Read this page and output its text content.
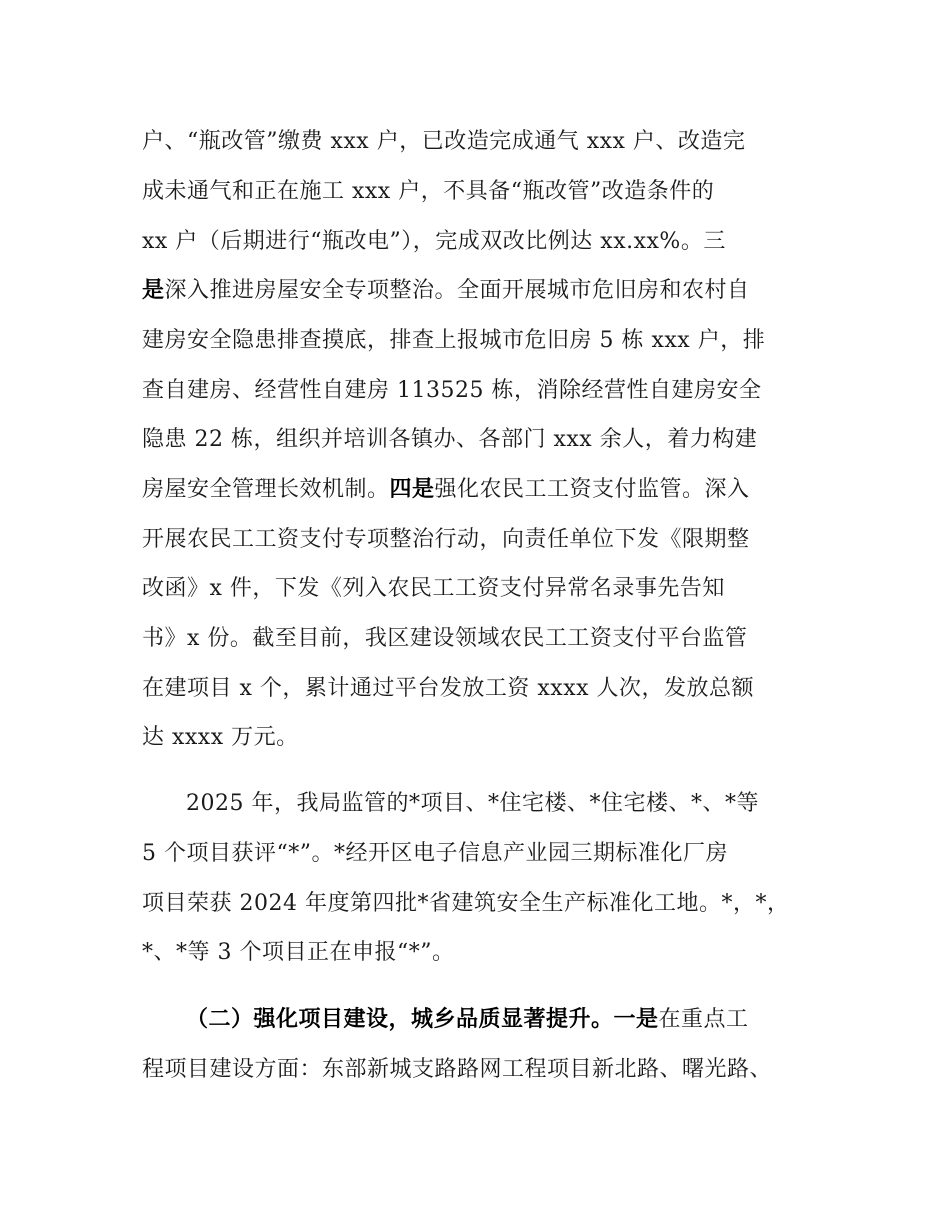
户、“瓶改管”缴费 xxx 户，已改造完成通气 xxx 户、改造完
成未通气和正在施工 xxx 户，不具备“瓶改管”改造条件的
xx 户（后期进行“瓶改电”），完成双改比例达 xx.xx%。三
是深入推进房屋安全专项整治。全面开展城市危旧房和农村自
建房安全隐患排查摸底，排查上报城市危旧房 5 栋 xxx 户，排
查自建房、经营性自建房 113525 栋，消除经营性自建房安全
隐患 22 栋，组织并培训各镇办、各部门 xxx 余人，着力构建
房屋安全管理长效机制。四是强化农民工工资支付监管。深入
开展农民工工资支付专项整治行动，向责任单位下发《限期整
改函》x 件，下发《列入农民工工资支付异常名录事先告知
书》x 份。截至目前，我区建设领域农民工工资支付平台监管
在建项目 x 个，累计通过平台发放工资 xxxx 人次，发放总额
达 xxxx 万元。
2025 年，我局监管的*项目、*住宅楼、*住宅楼、*、*等
5 个项目获评“*”。*经开区电子信息产业园三期标准化厂房
项目荣获 2024 年度第四批*省建筑安全生产标准化工地。*，*，
*、*等 3 个项目正在申报“*”。
（二）强化项目建设，城乡品质显著提升。一是在重点工
程项目建设方面：东部新城支路路网工程项目新北路、曙光路、
